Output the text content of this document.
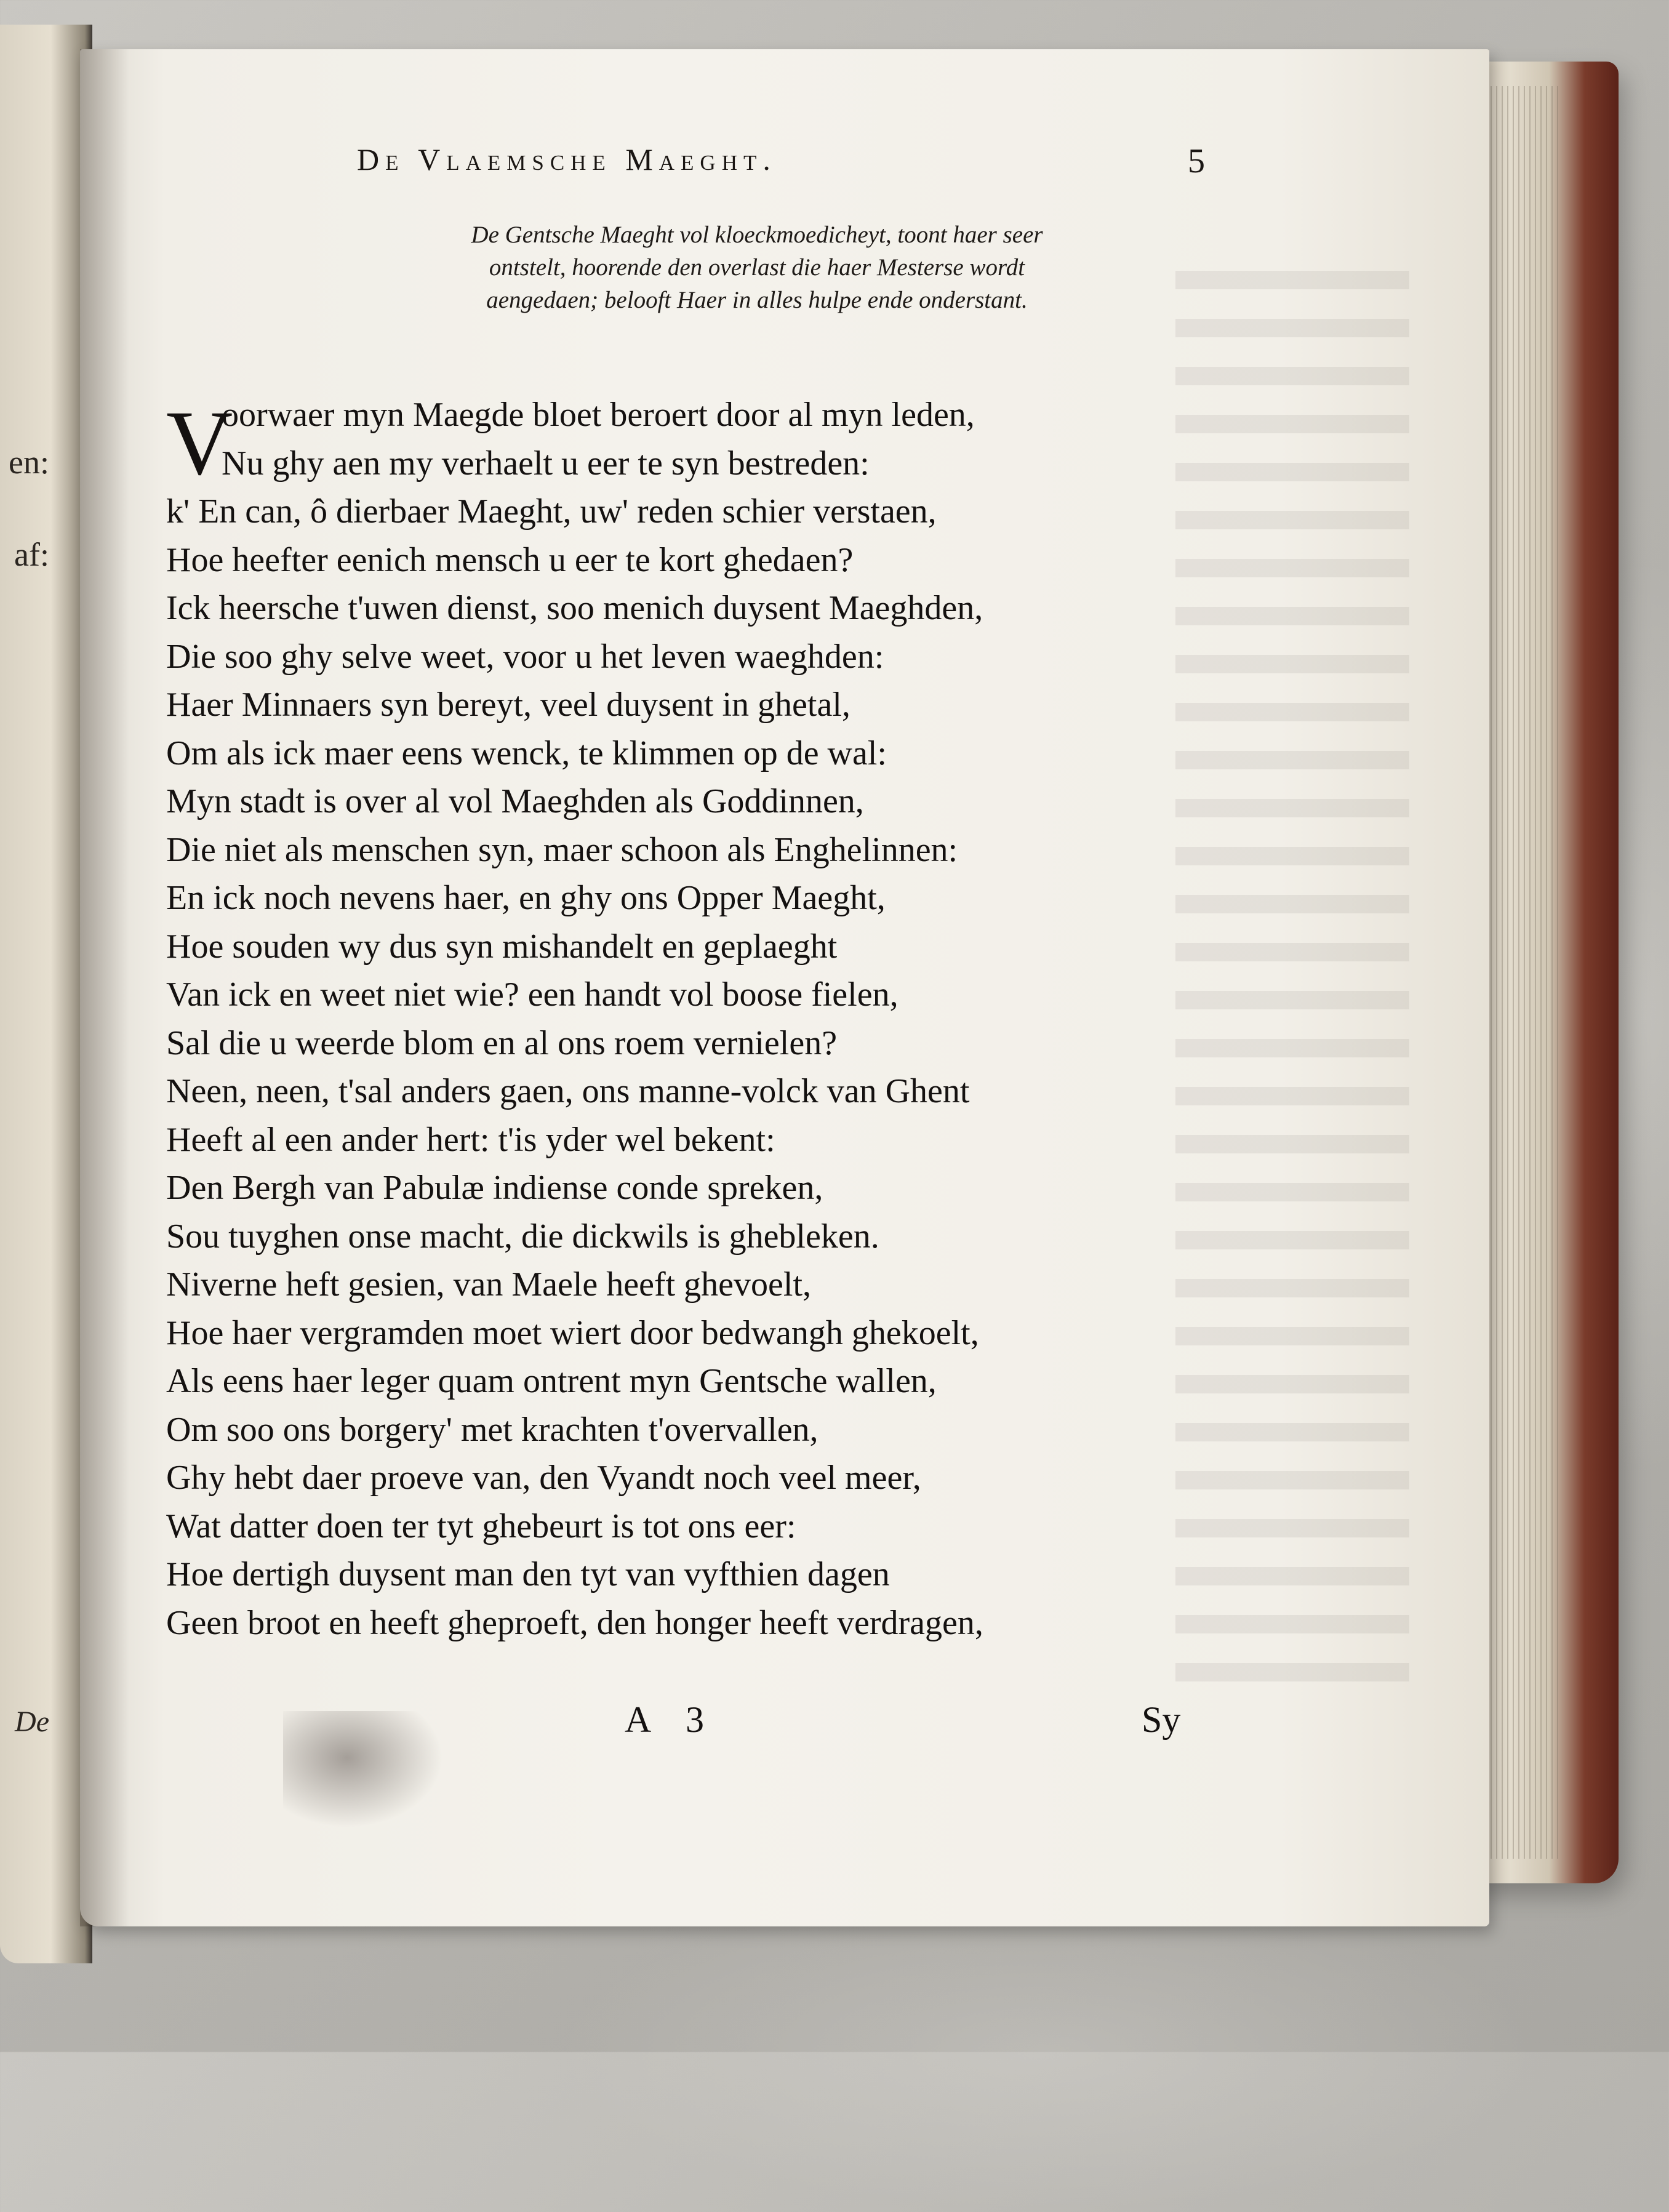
en:
af:
De
De Vlaemsche Maeght.	5
De Gentsche Maeght vol kloeckmoedicheyt, toont haer seer
ontstelt, hoorende den overlast die haer Mesterse wordt
aengedaen; belooft Haer in alles hulpe ende onderstant.
V
oorwaer myn Maegde bloet beroert door al myn leden,
Nu ghy aen my verhaelt u eer te syn bestreden:
k' En can, ô dierbaer Maeght, uw' reden schier verstaen,
Hoe heefter eenich mensch u eer te kort ghedaen?
Ick heersche t'uwen dienst, soo menich duysent Maeghden,
Die soo ghy selve weet, voor u het leven waeghden:
Haer Minnaers syn bereyt, veel duysent in ghetal,
Om als ick maer eens wenck, te klimmen op de wal:
Myn stadt is over al vol Maeghden als Goddinnen,
Die niet als menschen syn, maer schoon als Enghelinnen:
En ick noch nevens haer, en ghy ons Opper Maeght,
Hoe souden wy dus syn mishandelt en geplaeght
Van ick en weet niet wie? een handt vol boose fielen,
Sal die u weerde blom en al ons roem vernielen?
Neen, neen, t'sal anders gaen, ons manne-volck van Ghent
Heeft al een ander hert: t'is yder wel bekent:
Den Bergh van Pabulæ indiense conde spreken,
Sou tuyghen onse macht, die dickwils is ghebleken.
Niverne heft gesien, van Maele heeft ghevoelt,
Hoe haer vergramden moet wiert door bedwangh ghekoelt,
Als eens haer leger quam ontrent myn Gentsche wallen,
Om soo ons borgery' met krachten t'overvallen,
Ghy hebt daer proeve van, den Vyandt noch veel meer,
Wat datter doen ter tyt ghebeurt is tot ons eer:
Hoe dertigh duysent man den tyt van vyfthien dagen
Geen broot en heeft gheproeft, den honger heeft verdragen,
A 3	Sy
